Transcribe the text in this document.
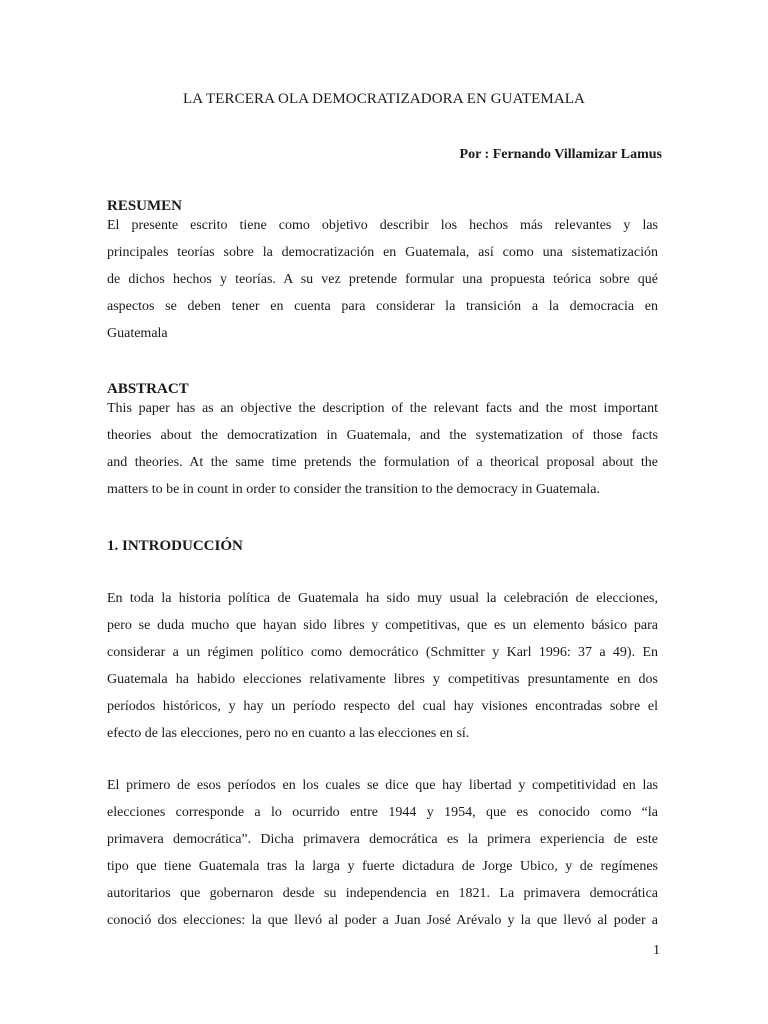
LA TERCERA OLA DEMOCRATIZADORA EN GUATEMALA
Por : Fernando Villamizar Lamus
RESUMEN
El presente escrito tiene como objetivo describir los hechos más relevantes y las
principales teorías sobre la democratización en Guatemala, así como una sistematización
de dichos hechos y teorías. A su vez pretende formular una propuesta teórica sobre qué
aspectos se deben tener en cuenta para considerar la transición a la democracia en
Guatemala
ABSTRACT
This paper has as an objective the description of the relevant facts and the most important
theories about the democratization in Guatemala, and the systematization of those facts
and theories. At the same time pretends the formulation of a theorical proposal about the
matters to be in count in order to consider the transition to the democracy in Guatemala.
1. INTRODUCCIÓN
En toda la historia política de Guatemala ha sido muy usual la celebración de elecciones,
pero se duda mucho que hayan sido libres y competitivas, que es un elemento básico para
considerar a un régimen político como democrático (Schmitter y Karl 1996: 37 a 49). En
Guatemala ha habido elecciones relativamente libres y competitivas presuntamente en dos
períodos históricos, y hay un período respecto del cual hay visiones encontradas sobre el
efecto de las elecciones, pero no en cuanto a las elecciones en sí.
El primero de esos períodos en los cuales se dice que hay libertad y competitividad en las
elecciones corresponde a lo ocurrido entre 1944 y 1954, que es conocido como “la
primavera democrática”. Dicha primavera democrática es la primera experiencia de este
tipo que tiene Guatemala tras la larga y fuerte dictadura de Jorge Ubico, y de regímenes
autoritarios que gobernaron desde su independencia en 1821. La primavera democrática
conoció dos elecciones: la que llevó al poder a Juan José Arévalo y la que llevó al poder a
1
